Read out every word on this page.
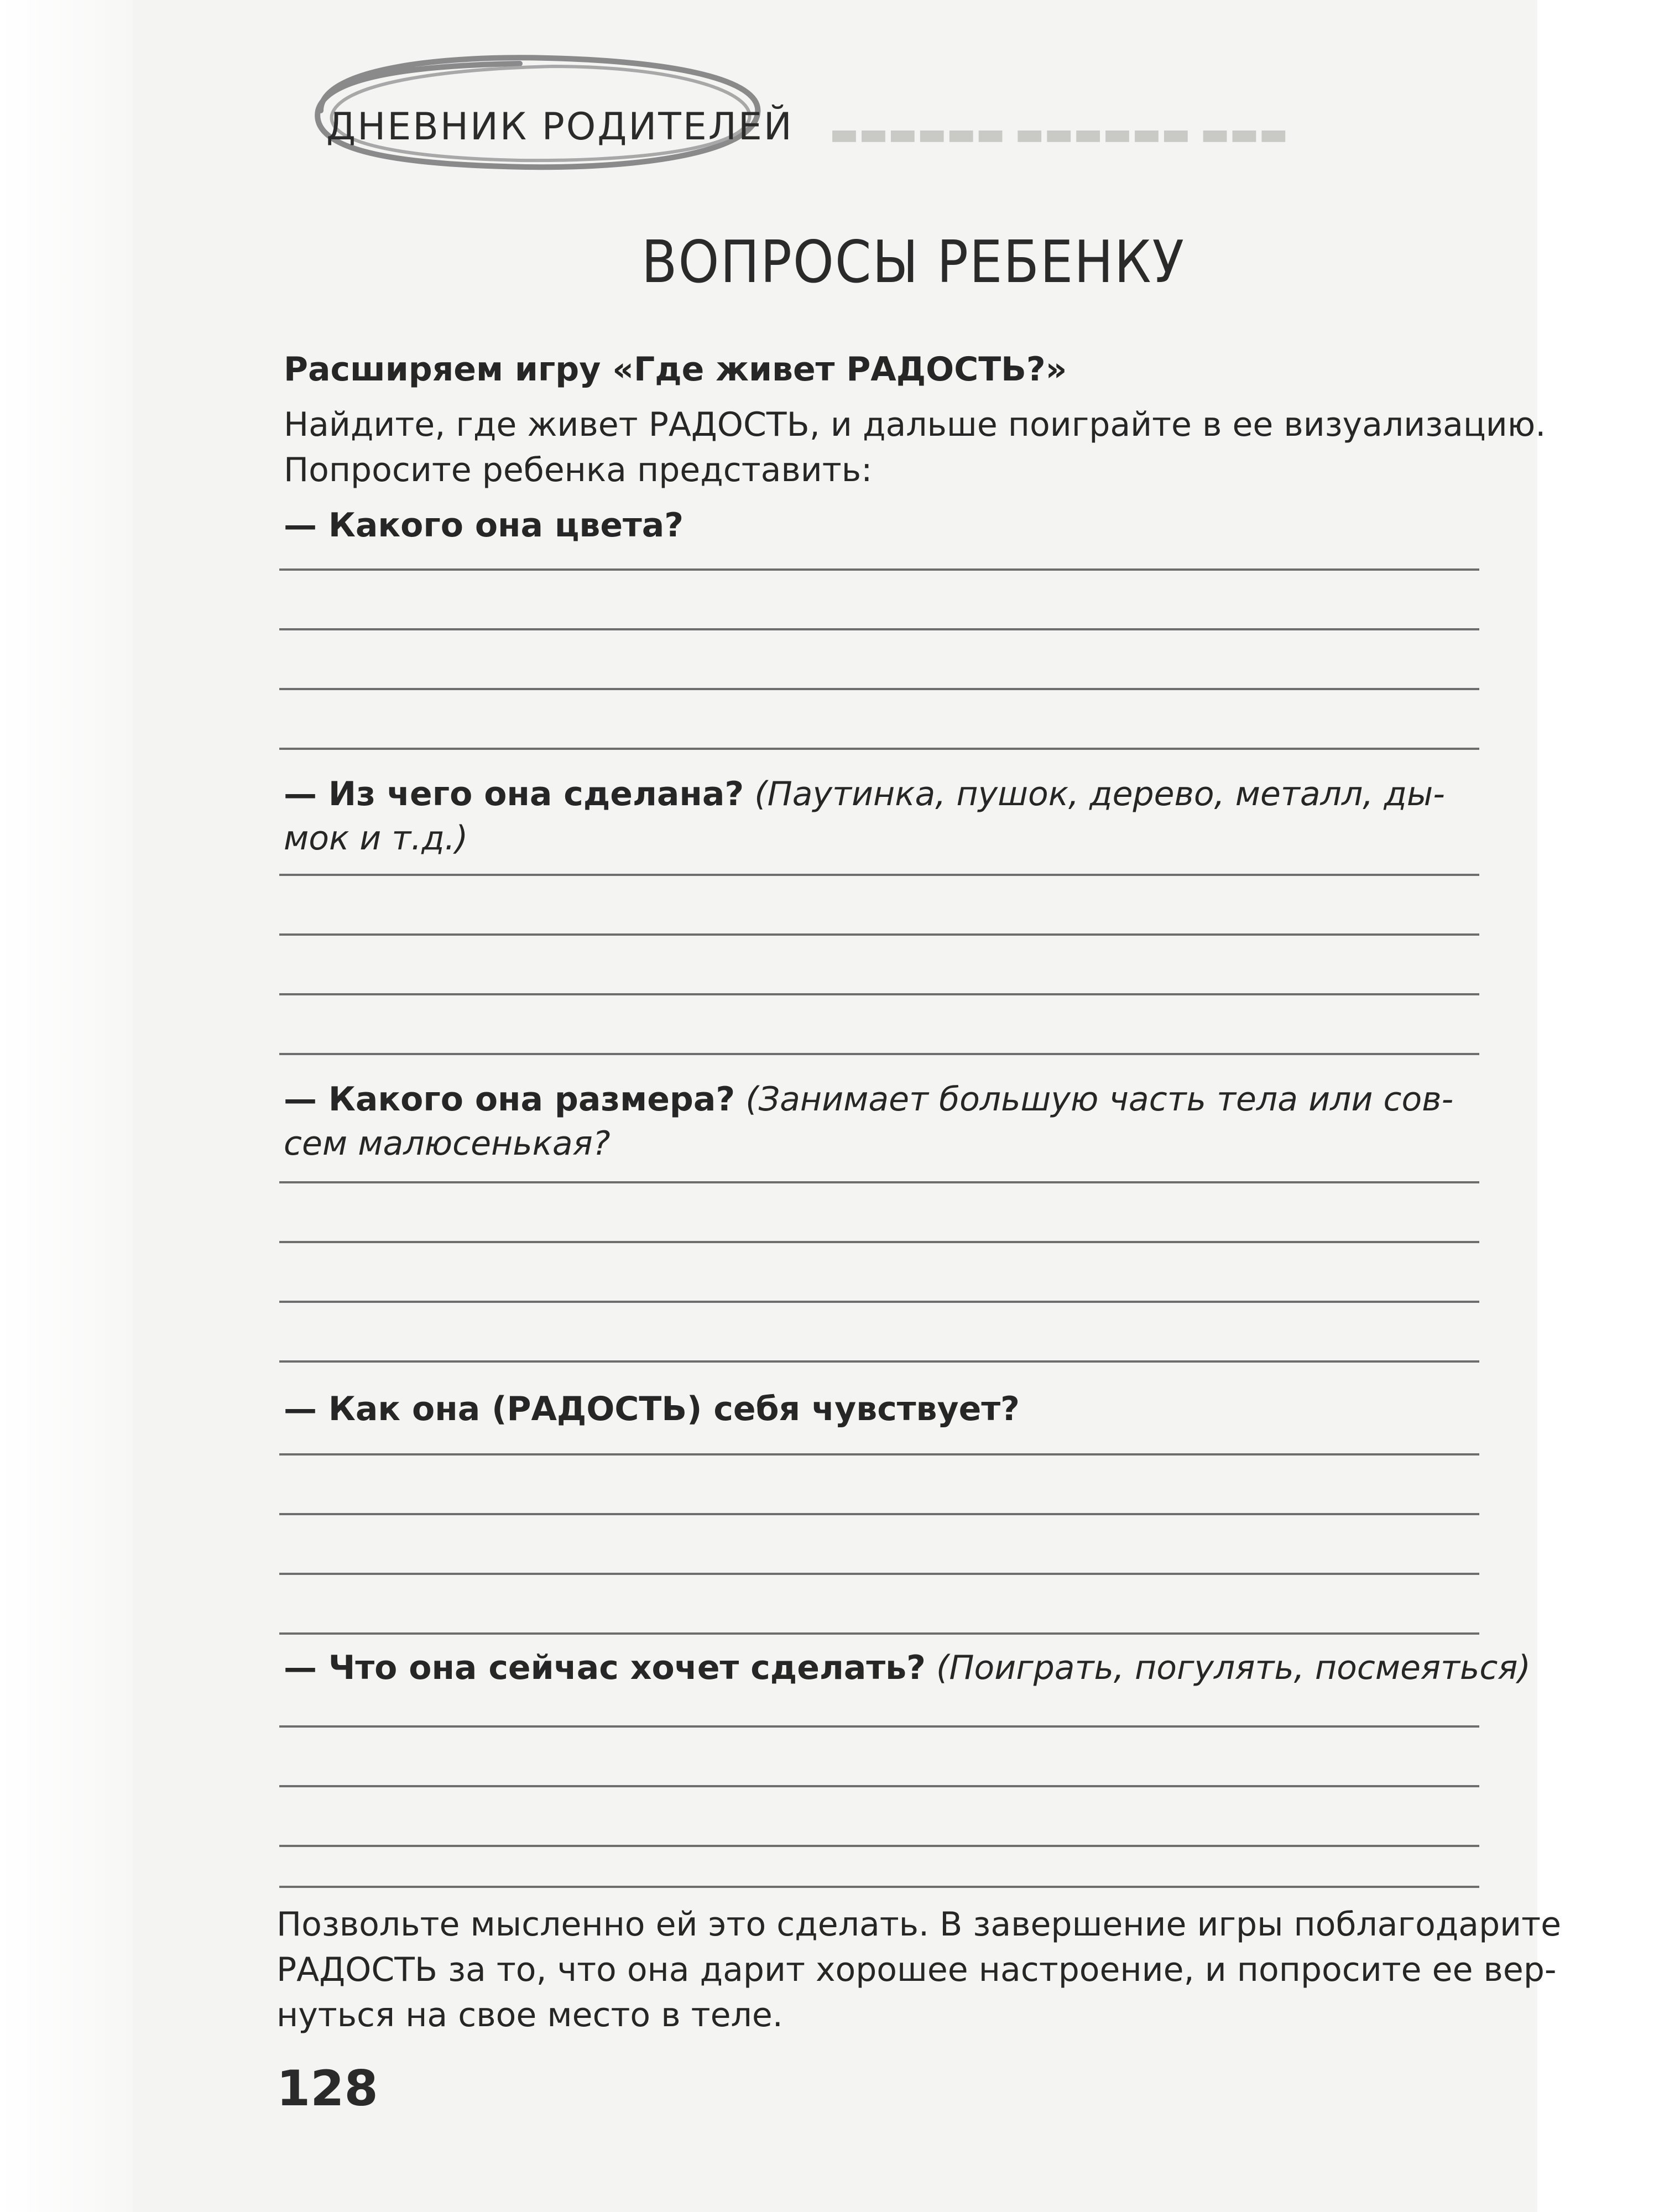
▬▬▬ ▬▬▬▬▬▬ ▬▬▬▬▬▬
ДНЕВНИК РОДИТЕЛЕЙ
ВОПРОСЫ РЕБЕНКУ
Расширяем игру «Где живет РАДОСТЬ?»
Найдите, где живет РАДОСТЬ, и дальше поиграйте в ее визуализацию.
Попросите ребенка представить:
— Какого она цвета?
— Из чего она сделана? (Паутинка, пушок, дерево, металл, ды-
мок и т.д.)
— Какого она размера? (Занимает большую часть тела или сов-
сем малюсенькая?
— Как она (РАДОСТЬ) себя чувствует?
— Что она сейчас хочет сделать? (Поиграть, погулять, посмеяться)
Позвольте мысленно ей это сделать. В завершение игры поблагодарите
РАДОСТЬ за то, что она дарит хорошее настроение, и попросите ее вер-
нуться на свое место в теле.
128
